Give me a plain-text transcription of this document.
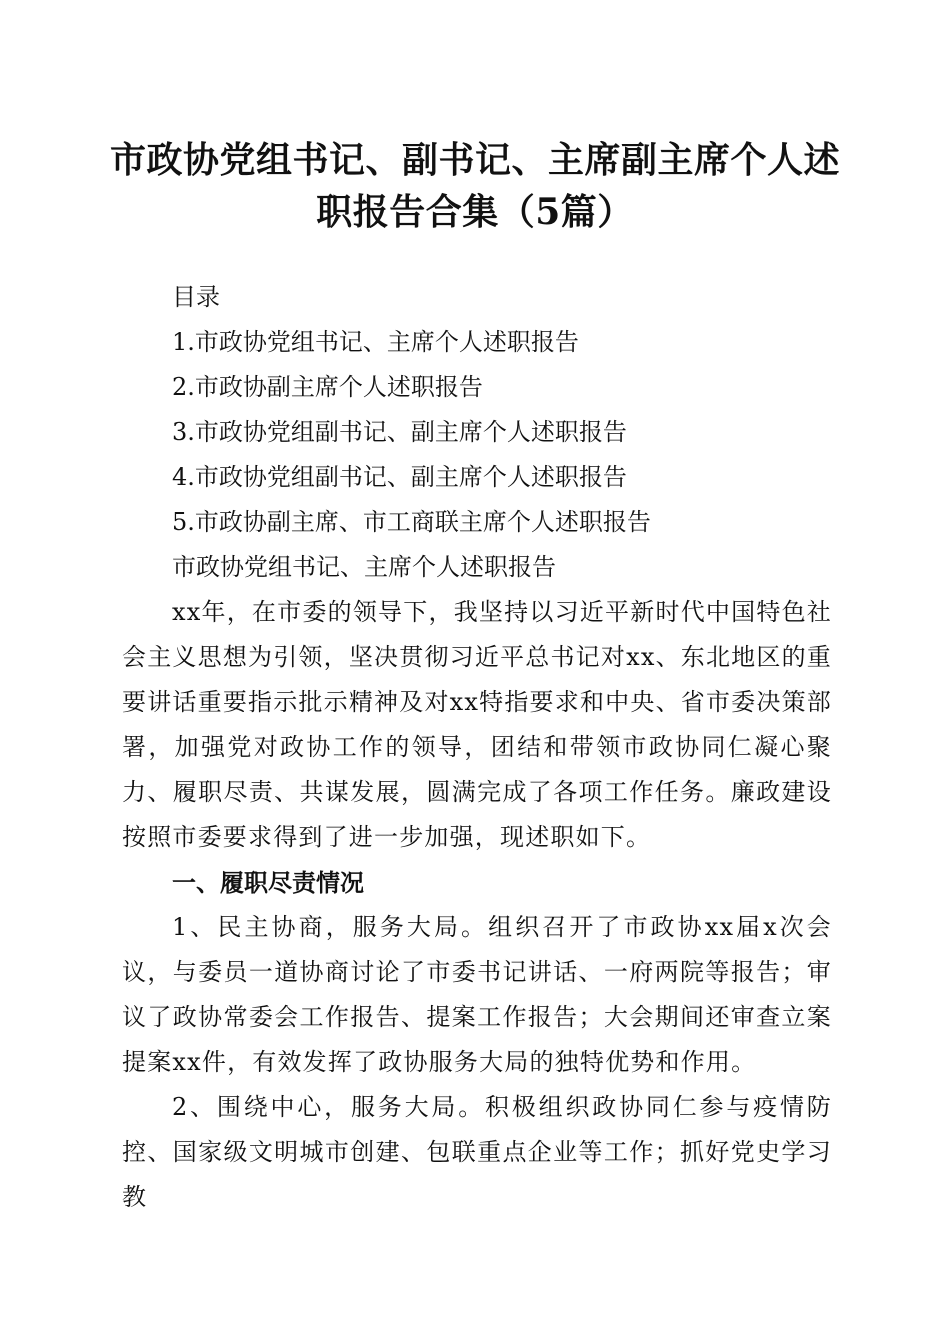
市政协党组书记、副书记、主席副主席个人述
职报告合集（5篇）

目录

1.市政协党组书记、主席个人述职报告

2.市政协副主席个人述职报告

3.市政协党组副书记、副主席个人述职报告

4.市政协党组副书记、副主席个人述职报告

5.市政协副主席、市工商联主席个人述职报告

市政协党组书记、主席个人述职报告

xx年，在市委的领导下，我坚持以习近平新时代中国特色社会主义思想为引领，坚决贯彻习近平总书记对xx、东北地区的重要讲话重要指示批示精神及对xx特指要求和中央、省市委决策部署，加强党对政协工作的领导，团结和带领市政协同仁凝心聚力、履职尽责、共谋发展，圆满完成了各项工作任务。廉政建设按照市委要求得到了进一步加强，现述职如下。

一、履职尽责情况

1、民主协商，服务大局。组织召开了市政协xx届x次会议，与委员一道协商讨论了市委书记讲话、一府两院等报告；审议了政协常委会工作报告、提案工作报告；大会期间还审查立案提案xx件，有效发挥了政协服务大局的独特优势和作用。

2、围绕中心，服务大局。积极组织政协同仁参与疫情防控、国家级文明城市创建、包联重点企业等工作；抓好党史学习教
